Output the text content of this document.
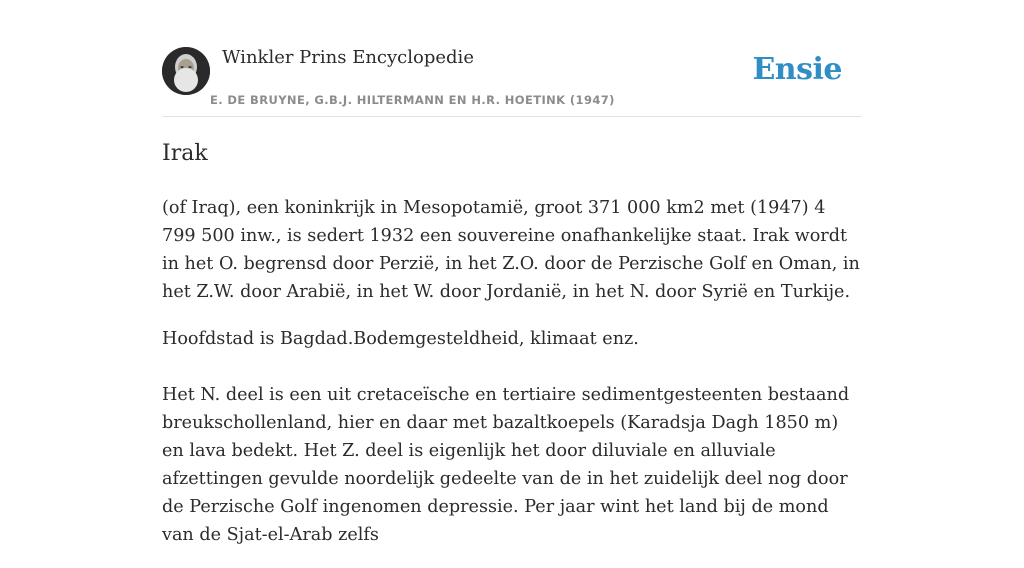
Winkler Prins Encyclopedie
E. DE BRUYNE, G.B.J. HILTERMANN EN H.R. HOETINK (1947)
Ensie
Irak

(of Iraq), een koninkrijk in Mesopotamië, groot 371 000 km2 met (1947) 4 799 500 inw., is sedert 1932 een souvereine onafhankelijke staat. Irak wordt in het O. begrensd door Perzië, in het Z.O. door de Perzische Golf en Oman, in het Z.W. door Arabië, in het W. door Jordanië, in het N. door Syrië en Turkije.

Hoofdstad is Bagdad.Bodemgesteldheid, klimaat enz.

Het N. deel is een uit cretaceïsche en tertiaire sedimentgesteenten bestaand breukschollenland, hier en daar met bazaltkoepels (Karadsja Dagh 1850 m) en lava bedekt. Het Z. deel is eigenlijk het door diluviale en alluviale afzettingen gevulde noordelijk gedeelte van de in het zuidelijk deel nog door de Perzische Golf ingenomen depressie. Per jaar wint het land bij de mond van de Sjat-el-Arab zelfs
